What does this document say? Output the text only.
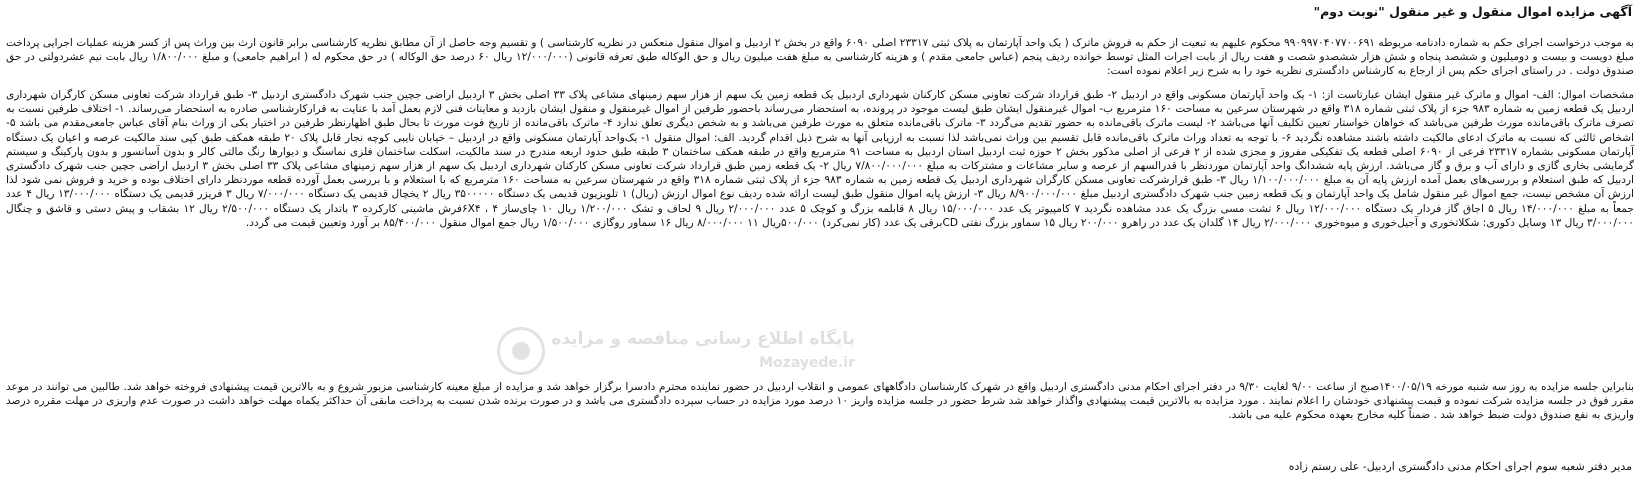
آگهی مزایده اموال منقول و غیر منقول "نوبت دوم"

به موجب درخواست اجرای حکم به شماره دادنامه مربوطه ۹۹۰۹۹۷۰۴۰۷۷۰۰۶۹۱ محکوم علیهم به تبعیت از حکم به فروش ماترک ( یک واحد آپارتمان به پلاک ثبتی ۲۳۳۱۷ اصلی ۶۰۹۰ واقع در بخش ۲ اردبیل و اموال منقول منعکس در نظریه کارشناسی ) و تقسیم وجه حاصل از آن مطابق نظریه کارشناسی برابر قانون ارث بین وراث پس از کسر هزینه عملیات اجرایی پرداخت مبلغ دویست و بیست و دومیلیون و ششصد پنجاه و شش هزار ششصدو شصت و هفت ریال از بابت اجرات المثل توسط خوانده ردیف پنجم (عباس جامعی مقدم ) و هزینه کارشناسی به مبلغ هفت میلیون ریال و حق الوکاله طبق تعرفه قانونی (۱۲/۰۰۰/۰۰۰ ریال ۶۰ درصد حق الوکاله ) در حق محکوم له ( ابراهیم جامعی) و مبلغ ۱/۸۰۰/۰۰۰ ریال بابت نیم عشردولتی در حق صندوق دولت . در راستای اجرای حکم پس از ارجاع به کارشناس دادگستری نظریه خود را به شرح زیر اعلام نموده است:

مشخصات اموال: الف- اموال و ماترک غیر منقول ایشان عبارتاست از: ۱- یک واحد آپارتمان مسکونی واقع در اردبیل ۲- طبق قرارداد شرکت تعاونی مسکن کارکنان شهرداری اردبیل یک قطعه زمین یک سهم از هزار سهم زمینهای مشاعی پلاک ۳۳ اصلی بخش ۳ اردبیل اراضی جچین جنب شهرک دادگستری اردبیل ۳- طبق قرارداد شرکت تعاونی مسکن کارگران شهرداری اردبیل یک قطعه زمین به شماره ۹۸۳ جزء از پلاک ثبتی شماره ۳۱۸ واقع در شهرستان سرعین به مساحت ۱۶۰ مترمربع ب- اموال غیرمنقول ایشان طبق لیست موجود در پرونده، به استحضار می‌رساند باحضور طرفین از اموال غیرمنقول و منقول ایشان بازدید و معاینات فنی لازم بعمل آمد با عنایت به قرارکارشناسی صادره به استحضار می‌رساند. ۱- اختلاف طرفین نسبت به تصرف ماترک باقی‌مانده مورث طرفین می‌باشد که خواهان خواستار تعیین تکلیف آنها می‌باشد ۲- لیست ماترک باقی‌مانده به حضور تقدیم می‌گردد ۳- ماترک باقی‌مانده متعلق به مورث طرفین می‌باشد و به شخص دیگری تعلق ندارد ۴- ماترک باقی‌مانده از تاریخ فوت مورث تا بحال طبق اظهارنظر طرفین در اختیار یکی از وراث بنام آقای عباس جامعی‌مقدم می باشد ۵- اشخاص ثالثی که نسبت به ماترک ادعای مالکیت داشته باشند مشاهده نگردید ۶- با توجه به تعداد وراث ماترک باقی‌مانده قابل تقسیم بین وراث نمی‌باشد لذا نسبت به ارزیابی آنها به شرح ذیل اقدام گردید. الف: اموال منقول ۱- یک‌واحد آپارتمان مسکونی واقع در اردبیل – خیابان نایبی کوچه نجار قابل پلاک ۲۰ طبقه همکف طبق کپی سند مالکیت عرصه و اعیان یک دستگاه آپارتمان مسکونی بشماره ۲۳۳۱۷ فرعی از ۶۰۹۰ اصلی قطعه یک تفکیکی مفروز و مجزی شده از ۲ فرعی از اصلی مذکور بخش ۲ حوزه ثبت اردبیل استان اردبیل به مساحت ۹۱ مترمربع واقع در طبقه همکف ساختمان ۳ طبقه طبق حدود اربعه مندرج در سند مالکیت، اسکلت ساختمان فلزی نماسنگ و دیوارها رنگ مالتی کالر و بدون آسانسور و بدون پارکینگ و سیستم گرمایشی بخاری گازی و دارای آب و برق و گاز می‌باشد. ارزش پایه ششدانگ واحد آپارتمان موردنظر با قدرالسهم از عرصه و سایر مشاعات و مشترکات به مبلغ ۷/۸۰۰/۰۰۰/۰۰۰ ریال ۲- یک قطعه زمین طبق قرارداد شرکت تعاونی مسکن کارکنان شهرداری اردبیل یک سهم از هزار سهم زمینهای مشاعی پلاک ۳۳ اصلی بخش ۳ اردبیل اراضی جچین جنب شهرک دادگستری اردبیل که طبق استعلام و بررسی‌های بعمل آمده ارزش پایه آن به مبلغ ۱/۱۰۰/۰۰۰/۰۰۰ ریال ۳- طبق قرارشرکت تعاونی مسکن کارگران شهرداری اردبیل یک قطعه زمین به شماره ۹۸۳ جزء از پلاک ثبتی شماره ۳۱۸ واقع در شهرستان سرعین به مساحت ۱۶۰ مترمربع که با استعلام و با بررسی بعمل آورده قطعه موردنظر دارای اختلاف بوده و خرید و فروش نمی شود لذا ارزش آن مشخص نیست، جمع اموال غیر منقول شامل یک واحد آپارتمان و یک قطعه زمین جنب شهرک دادگستری اردبیل مبلغ ۸/۹۰۰/۰۰۰/۰۰۰ ریال ۳- ارزش پایه اموال منقول طبق لیست ارائه شده ردیف نوع اموال ارزش (ریال) ۱ تلویزیون قدیمی یک دستگاه ۳۵۰۰۰۰۰ ریال ۲ یخچال قدیمی یک دستگاه ۷/۰۰۰/۰۰۰ ریال ۳ فریزر قدیمی یک دستگاه ۱۳/۰۰۰/۰۰۰ ریال ۴ عدد جمعاً به مبلغ ۱۴/۰۰۰/۰۰۰ ریال ۵ اجاق گاز فردار یک دستگاه ۱۲/۰۰۰/۰۰۰ ریال ۶ تشت مسی بزرگ یک عدد مشاهده نگردید ۷ کامپیوتر یک عدد ۱۵/۰۰۰/۰۰۰ ریال ۸ قابلمه بزرگ و کوچک ۵ عدد ۲/۰۰۰/۰۰۰ ریال ۹ لحاف و تشک ۱/۲۰۰/۰۰۰ ریال ۱۰ چای‌ساز ۴ ، ۶X۴فرش ماشینی کارکرده ۳ باتدار یک دستگاه ۲/۵۰۰/۰۰۰ ریال ۱۲ بشقاب و پیش دستی و قاشق و چنگال ۳/۰۰۰/۰۰۰ ریال ۱۳ وسایل دکوری: شکلاتخوری و آجیل‌خوری و میوه‌خوری ۲/۰۰۰/۰۰۰ ریال ۱۴ گلدان یک عدد در راهرو ۲۰۰/۰۰۰ ریال ۱۵ سماور بزرگ نفتی CDبرقی یک عدد (کار نمی‌کرد) ۵۰۰/۰۰۰ریال ۱۱ ۸/۰۰۰/۰۰۰ ریال ۱۶ سماور روگازی ۱/۵۰۰/۰۰۰ ریال جمع اموال منقول ۸۵/۴۰۰/۰۰۰ بر آورد وتعیین قیمت می گردد.

پایگاه اطلاع رسانی مناقصه و مزایده
Mozayede.ir

بنابراین جلسه مزایده به روز سه شنبه مورخه ۱۴۰۰/۰۵/۱۹صبح از ساعت ۹/۰۰ لغایت ۹/۳۰ در دفتر اجرای احکام مدنی دادگستری اردبیل واقع در شهرک کارشناسان دادگاههای عمومی و انقلاب اردبیل در حضور نماینده محترم دادسرا برگزار خواهد شد و مزایده از مبلغ معینه کارشناسی مزبور شروع و به بالاترین قیمت پیشنهادی فروخته خواهد شد. طالبین می توانند در موعد مقرر فوق در جلسه مزایده شرکت نموده و قیمت پیشنهادی خودشان را اعلام نمایند . مورد مزایده به بالاترین قیمت پیشنهادی واگذار خواهد شد شرط حضور در جلسه مزایده واریز ۱۰ درصد مورد مزایده در حساب سپرده دادگستری می باشد و در صورت برنده شدن نسبت به پرداخت مابقی آن حداکثر یکماه مهلت خواهد داشت در صورت عدم واریزی در مهلت مقرره درصد واریزی به نفع صندوق دولت ضبط خواهد شد . ضمناً کلیه مخارج بعهده محکوم علیه می باشد.

مدیر دفتر شعبه سوم اجرای احکام مدنی دادگستری اردبیل- علی رستم زاده
